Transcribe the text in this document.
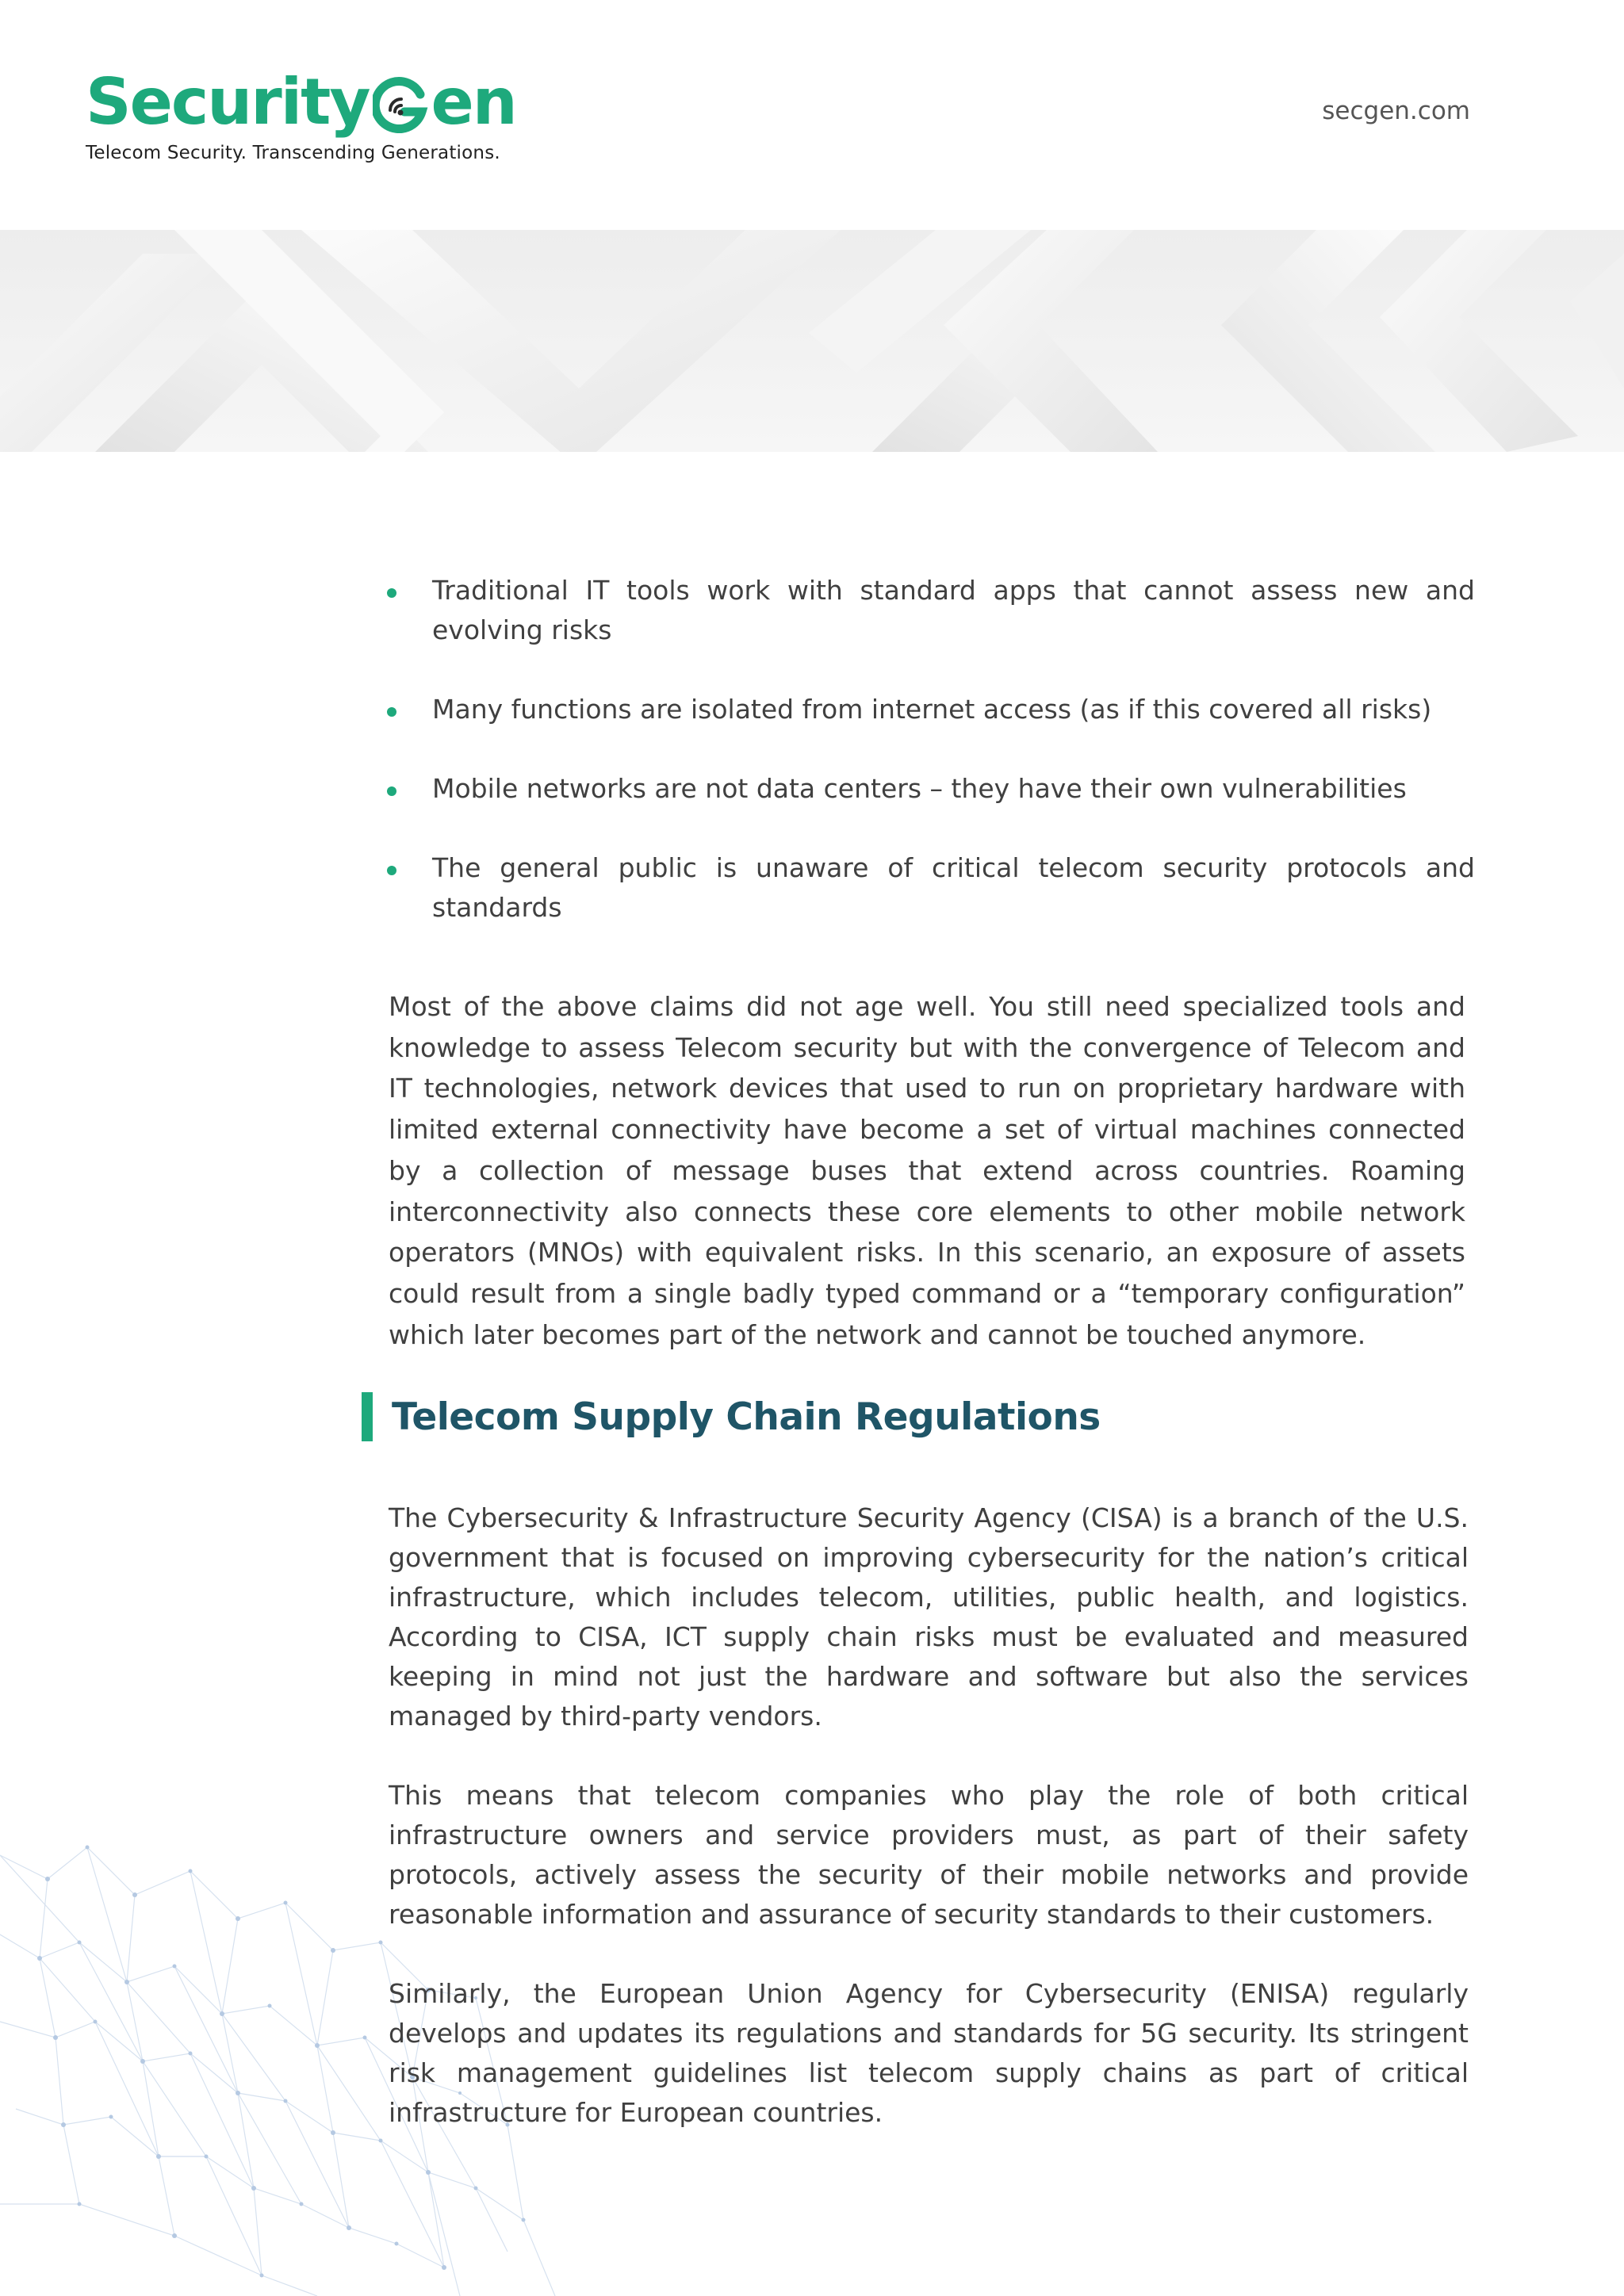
Security en
Telecom Security. Transcending Generations.
secgen.com
Traditional IT tools work with standard apps that cannot assess new and evolving risks
Many functions are isolated from internet access (as if this covered all risks)
Mobile networks are not data centers – they have their own vulnerabilities
The general public is unaware of critical telecom security protocols and standards

Most of the above claims did not age well. You still need specialized tools and knowledge to assess Telecom security but with the convergence of Telecom and IT technologies, network devices that used to run on proprietary hardware with limited external connectivity have become a set of virtual machines connected by a collection of message buses that extend across countries. Roaming interconnectivity also connects these core elements to other mobile network operators (MNOs) with equivalent risks. In this scenario, an exposure of assets could result from a single badly typed command or a “temporary configuration” which later becomes part of the network and cannot be touched anymore.

Telecom Supply Chain Regulations

The Cybersecurity & Infrastructure Security Agency (CISA) is a branch of the U.S. government that is focused on improving cybersecurity for the nation’s critical infrastructure, which includes telecom, utilities, public health, and logistics. According to CISA, ICT supply chain risks must be evaluated and measured keeping in mind not just the hardware and software but also the services managed by third-party vendors.

This means that telecom companies who play the role of both critical infrastructure owners and service providers must, as part of their safety protocols, actively assess the security of their mobile networks and provide reasonable information and assurance of security standards to their customers.

Similarly, the European Union Agency for Cybersecurity (ENISA) regularly develops and updates its regulations and standards for 5G security. Its stringent risk management guidelines list telecom supply chains as part of critical infrastructure for European countries.
